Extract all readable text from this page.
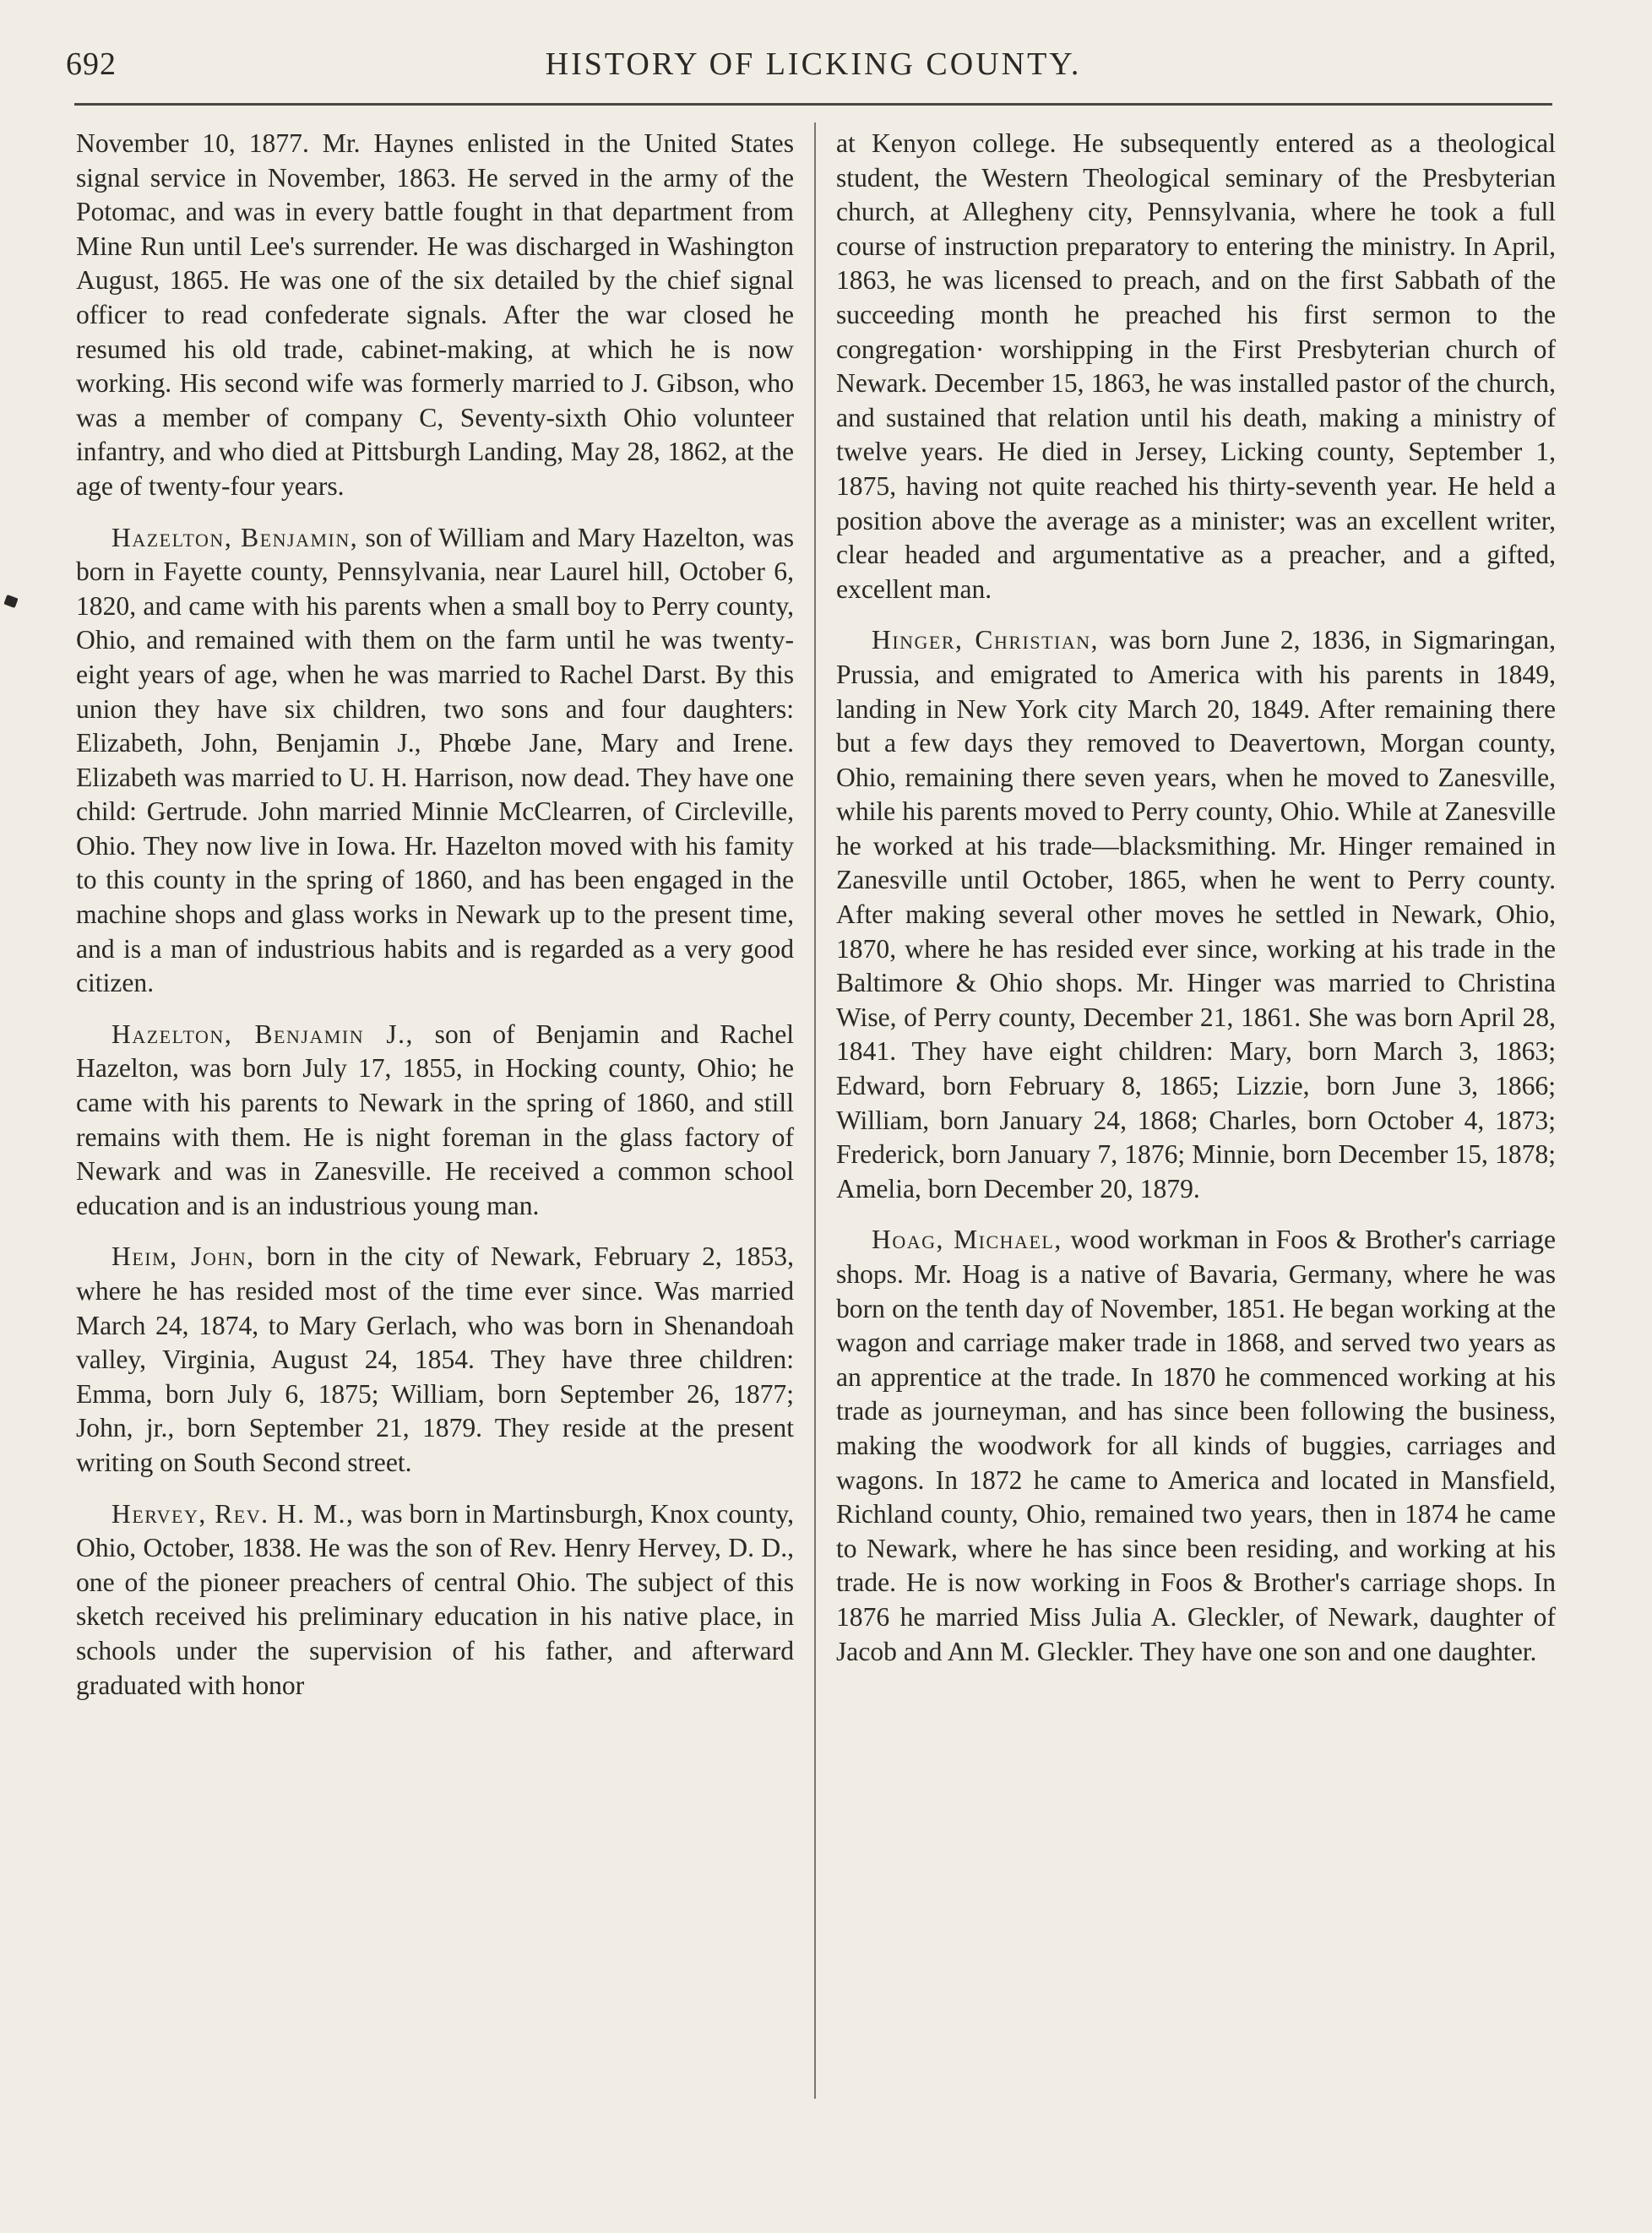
692	HISTORY OF LICKING COUNTY.

November 10, 1877. Mr. Haynes enlisted in the United States signal service in November, 1863. He served in the army of the Potomac, and was in every battle fought in that department from Mine Run until Lee's surrender. He was discharged in Washington August, 1865. He was one of the six detailed by the chief signal officer to read confederate signals. After the war closed he resumed his old trade, cabinet-making, at which he is now working. His second wife was formerly married to J. Gibson, who was a member of company C, Seventy-sixth Ohio volunteer infantry, and who died at Pittsburgh Landing, May 28, 1862, at the age of twenty-four years.

Hazelton, Benjamin, son of William and Mary Hazelton, was born in Fayette county, Pennsylvania, near Laurel hill, October 6, 1820, and came with his parents when a small boy to Perry county, Ohio, and remained with them on the farm until he was twenty-eight years of age, when he was married to Rachel Darst. By this union they have six children, two sons and four daughters: Elizabeth, John, Benjamin J., Phœbe Jane, Mary and Irene. Elizabeth was married to U. H. Harrison, now dead. They have one child: Gertrude. John married Minnie McClearren, of Circleville, Ohio. They now live in Iowa. Hr. Hazelton moved with his famity to this county in the spring of 1860, and has been engaged in the machine shops and glass works in Newark up to the present time, and is a man of industrious habits and is regarded as a very good citizen.

Hazelton, Benjamin J., son of Benjamin and Rachel Hazelton, was born July 17, 1855, in Hocking county, Ohio; he came with his parents to Newark in the spring of 1860, and still remains with them. He is night foreman in the glass factory of Newark and was in Zanesville. He received a common school education and is an industrious young man.

Heim, John, born in the city of Newark, February 2, 1853, where he has resided most of the time ever since. Was married March 24, 1874, to Mary Gerlach, who was born in Shenandoah valley, Virginia, August 24, 1854. They have three children: Emma, born July 6, 1875; William, born September 26, 1877; John, jr., born September 21, 1879. They reside at the present writing on South Second street.

Hervey, Rev. H. M., was born in Martinsburgh, Knox county, Ohio, October, 1838. He was the son of Rev. Henry Hervey, D. D., one of the pioneer preachers of central Ohio. The subject of this sketch received his preliminary education in his native place, in schools under the supervision of his father, and afterward graduated with honor

at Kenyon college. He subsequently entered as a theological student, the Western Theological seminary of the Presbyterian church, at Allegheny city, Pennsylvania, where he took a full course of instruction preparatory to entering the ministry. In April, 1863, he was licensed to preach, and on the first Sabbath of the succeeding month he preached his first sermon to the congregation· worshipping in the First Presbyterian church of Newark. December 15, 1863, he was installed pastor of the church, and sustained that relation until his death, making a ministry of twelve years. He died in Jersey, Licking county, September 1, 1875, having not quite reached his thirty-seventh year. He held a position above the average as a minister; was an excellent writer, clear headed and argumentative as a preacher, and a gifted, excellent man.

Hinger, Christian, was born June 2, 1836, in Sigmaringan, Prussia, and emigrated to America with his parents in 1849, landing in New York city March 20, 1849. After remaining there but a few days they removed to Deavertown, Morgan county, Ohio, remaining there seven years, when he moved to Zanesville, while his parents moved to Perry county, Ohio. While at Zanesville he worked at his trade—blacksmithing. Mr. Hinger remained in Zanesville until October, 1865, when he went to Perry county. After making several other moves he settled in Newark, Ohio, 1870, where he has resided ever since, working at his trade in the Baltimore & Ohio shops. Mr. Hinger was married to Christina Wise, of Perry county, December 21, 1861. She was born April 28, 1841. They have eight children: Mary, born March 3, 1863; Edward, born February 8, 1865; Lizzie, born June 3, 1866; William, born January 24, 1868; Charles, born October 4, 1873; Frederick, born January 7, 1876; Minnie, born December 15, 1878; Amelia, born December 20, 1879.

Hoag, Michael, wood workman in Foos & Brother's carriage shops. Mr. Hoag is a native of Bavaria, Germany, where he was born on the tenth day of November, 1851. He began working at the wagon and carriage maker trade in 1868, and served two years as an apprentice at the trade. In 1870 he commenced working at his trade as journeyman, and has since been following the business, making the woodwork for all kinds of buggies, carriages and wagons. In 1872 he came to America and located in Mansfield, Richland county, Ohio, remained two years, then in 1874 he came to Newark, where he has since been residing, and working at his trade. He is now working in Foos & Brother's carriage shops. In 1876 he married Miss Julia A. Gleckler, of Newark, daughter of Jacob and Ann M. Gleckler. They have one son and one daughter.
